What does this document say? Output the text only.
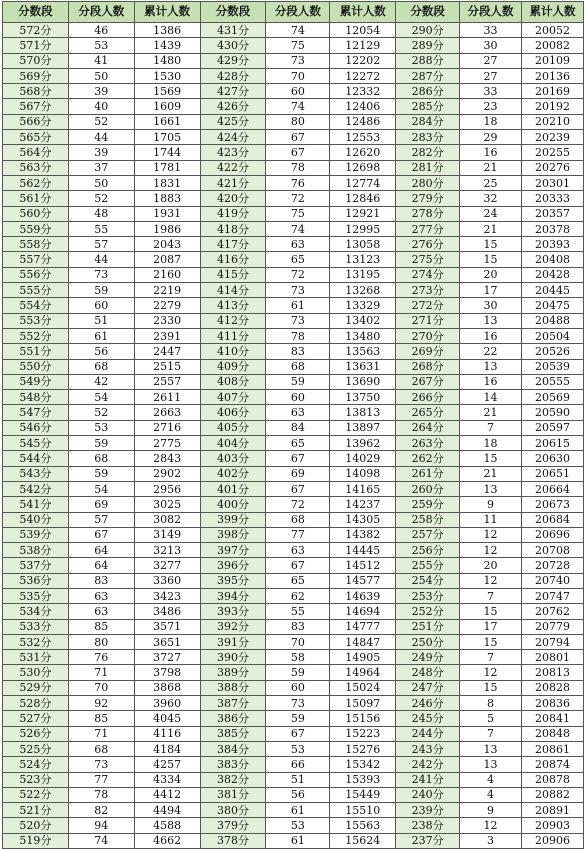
分数段	分段人数	累计人数	分数段	分段人数	累计人数	分数段	分段人数	累计人数
572分	46	1386	431分	74	12054	290分	33	20052
571分	53	1439	430分	75	12129	289分	30	20082
570分	41	1480	429分	73	12202	288分	27	20109
569分	50	1530	428分	70	12272	287分	27	20136
568分	39	1569	427分	60	12332	286分	33	20169
567分	40	1609	426分	74	12406	285分	23	20192
566分	52	1661	425分	80	12486	284分	18	20210
565分	44	1705	424分	67	12553	283分	29	20239
564分	39	1744	423分	67	12620	282分	16	20255
563分	37	1781	422分	78	12698	281分	21	20276
562分	50	1831	421分	76	12774	280分	25	20301
561分	52	1883	420分	72	12846	279分	32	20333
560分	48	1931	419分	75	12921	278分	24	20357
559分	55	1986	418分	74	12995	277分	21	20378
558分	57	2043	417分	63	13058	276分	15	20393
557分	44	2087	416分	65	13123	275分	15	20408
556分	73	2160	415分	72	13195	274分	20	20428
555分	59	2219	414分	73	13268	273分	17	20445
554分	60	2279	413分	61	13329	272分	30	20475
553分	51	2330	412分	73	13402	271分	13	20488
552分	61	2391	411分	78	13480	270分	16	20504
551分	56	2447	410分	83	13563	269分	22	20526
550分	68	2515	409分	68	13631	268分	13	20539
549分	42	2557	408分	59	13690	267分	16	20555
548分	54	2611	407分	60	13750	266分	14	20569
547分	52	2663	406分	63	13813	265分	21	20590
546分	53	2716	405分	84	13897	264分	7	20597
545分	59	2775	404分	65	13962	263分	18	20615
544分	68	2843	403分	67	14029	262分	15	20630
543分	59	2902	402分	69	14098	261分	21	20651
542分	54	2956	401分	67	14165	260分	13	20664
541分	69	3025	400分	72	14237	259分	9	20673
540分	57	3082	399分	68	14305	258分	11	20684
539分	67	3149	398分	77	14382	257分	12	20696
538分	64	3213	397分	63	14445	256分	12	20708
537分	64	3277	396分	67	14512	255分	20	20728
536分	83	3360	395分	65	14577	254分	12	20740
535分	63	3423	394分	62	14639	253分	7	20747
534分	63	3486	393分	55	14694	252分	15	20762
533分	85	3571	392分	83	14777	251分	17	20779
532分	80	3651	391分	70	14847	250分	15	20794
531分	76	3727	390分	58	14905	249分	7	20801
530分	71	3798	389分	59	14964	248分	12	20813
529分	70	3868	388分	60	15024	247分	15	20828
528分	92	3960	387分	73	15097	246分	8	20836
527分	85	4045	386分	59	15156	245分	5	20841
526分	71	4116	385分	67	15223	244分	7	20848
525分	68	4184	384分	53	15276	243分	13	20861
524分	73	4257	383分	66	15342	242分	13	20874
523分	77	4334	382分	51	15393	241分	4	20878
522分	78	4412	381分	56	15449	240分	4	20882
521分	82	4494	380分	61	15510	239分	9	20891
520分	94	4588	379分	53	15563	238分	12	20903
519分	74	4662	378分	61	15624	237分	3	20906
